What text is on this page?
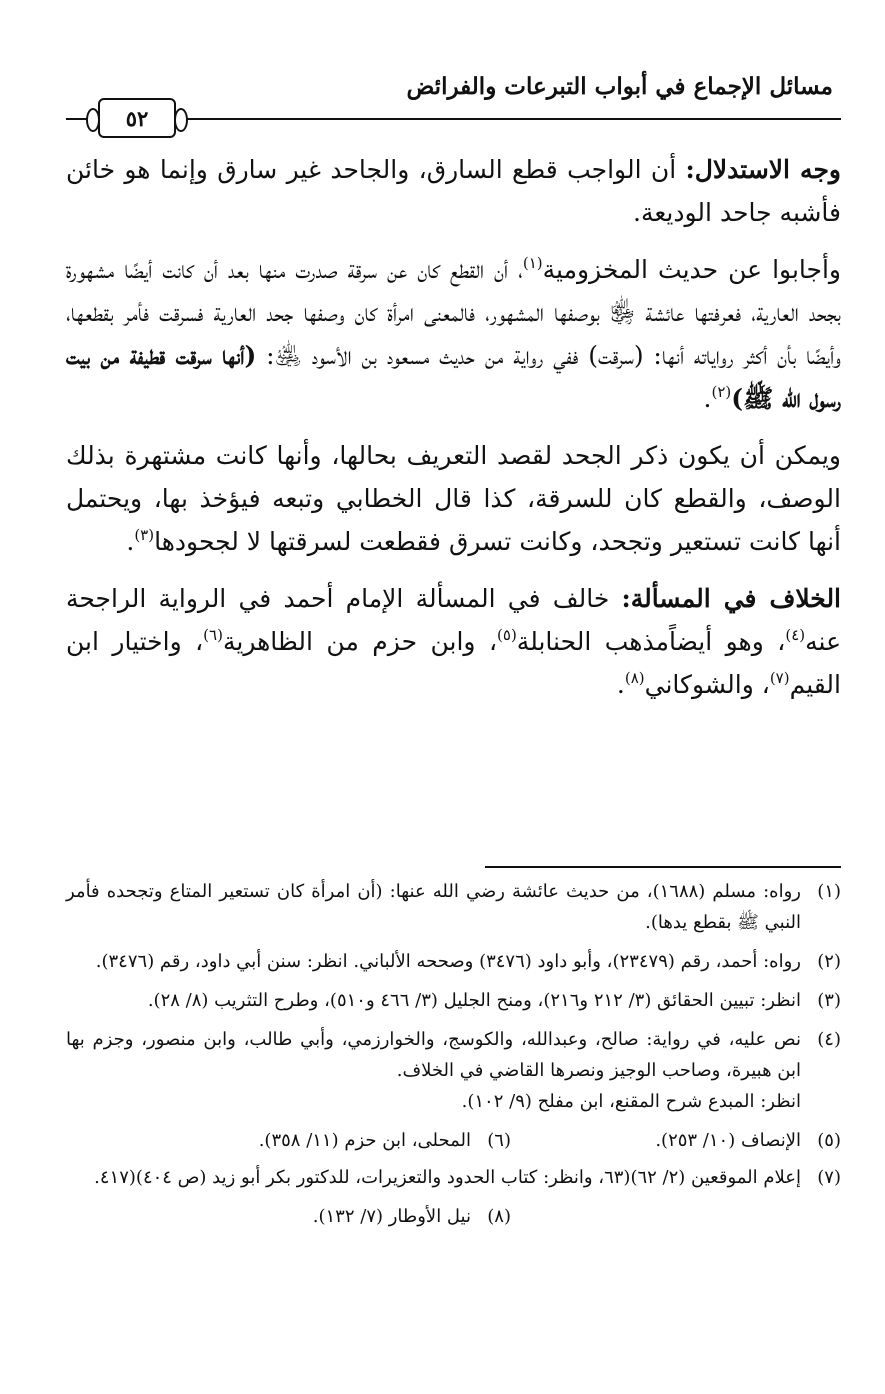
مسائل الإجماع في أبواب التبرعات والفرائض
٥٢

وجه الاستدلال: أن الواجب قطع السارق، والجاحد غير سارق وإنما هو خائن فأشبه جاحد الوديعة.

وأجابوا عن حديث المخزومية$^{(١)}$، أن القطع كان عن سرقة صدرت منها بعد أن كانت أيضًا مشهورة بجحد العارية، فعرفتها عائشة ﵂ بوصفها المشهور، فالمعنى امرأة كان وصفها جحد العارية فسرقت فأمر بقطعها، وأيضًا بأن أكثر رواياته أنها: (سرقت) ففي رواية من حديث مسعود بن الأسود ﵁: (أنها سرقت قطيفة من بيت رسول الله ﷺ)$^{(٢)}$.

ويمكن أن يكون ذكر الجحد لقصد التعريف بحالها، وأنها كانت مشتهرة بذلك الوصف، والقطع كان للسرقة، كذا قال الخطابي وتبعه فيؤخذ بها، ويحتمل أنها كانت تستعير وتجحد، وكانت تسرق فقطعت لسرقتها لا لجحودها$^{(٣)}$.

الخلاف في المسألة: خالف في المسألة الإمام أحمد في الرواية الراجحة عنه$^{(٤)}$، وهو أيضاًمذهب الحنابلة$^{(٥)}$، وابن حزم من الظاهرية$^{(٦)}$، واختيار ابن القيم$^{(٧)}$، والشوكاني$^{(٨)}$.

(١)
رواه: مسلم (١٦٨٨)، من حديث عائشة رضي الله عنها: (أن امرأة كان تستعير المتاع وتجحده فأمر النبي ﷺ بقطع يدها).
(٢)
رواه: أحمد، رقم (٢٣٤٧٩)، وأبو داود (٣٤٧٦) وصححه الألباني. انظر: سنن أبي داود، رقم (٣٤٧٦).
(٣)
انظر: تبيين الحقائق (٣/ ٢١٢ و٢١٦)، ومنح الجليل (٣/ ٤٦٦ و٥١٠)، وطرح التثريب (٨/ ٢٨).
(٤)
نص عليه، في رواية: صالح، وعبدالله، والكوسج، والخوارزمي، وأبي طالب، وابن منصور، وجزم بها ابن هبيرة، وصاحب الوجيز ونصرها القاضي في الخلاف.
انظر: المبدع شرح المقنع، ابن مفلح (٩/ ١٠٢).
(٥)
الإنصاف (١٠/ ٢٥٣).
(٦)
المحلى، ابن حزم (١١/ ٣٥٨).
(٧)
إعلام الموقعين (٢/ ٦٢)(٦٣، وانظر: كتاب الحدود والتعزيرات، للدكتور بكر أبو زيد (ص ٤٠٤)(٤١٧.
(٨)
نيل الأوطار (٧/ ١٣٢).
